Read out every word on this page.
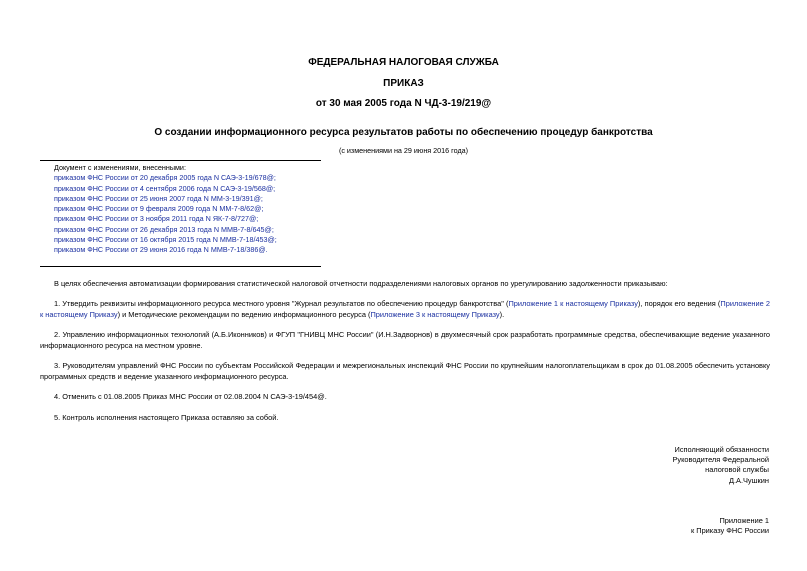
ФЕДЕРАЛЬНАЯ НАЛОГОВАЯ СЛУЖБА
ПРИКАЗ
от 30 мая 2005 года N ЧД-3-19/219@
О создании информационного ресурса результатов работы по обеспечению процедур банкротства
(с изменениями на 29 июня 2016 года)
Документ с изменениями, внесенными:
приказом ФНС России от 20 декабря 2005 года N САЭ-3-19/678@;
приказом ФНС России от 4 сентября 2006 года N САЭ-3-19/568@;
приказом ФНС России от 25 июня 2007 года N ММ-3-19/391@;
приказом ФНС России от 9 февраля 2009 года N ММ-7-8/62@;
приказом ФНС России от 3 ноября 2011 года N ЯК-7-8/727@;
приказом ФНС России от 26 декабря 2013 года N ММВ-7-8/645@;
приказом ФНС России от 16 октября 2015 года N ММВ-7-18/453@;
приказом ФНС России от 29 июня 2016 года N ММВ-7-18/386@.
В целях обеспечения автоматизации формирования статистической налоговой отчетности подразделениями налоговых органов по урегулированию задолженности приказываю:
1. Утвердить реквизиты информационного ресурса местного уровня "Журнал результатов по обеспечению процедур банкротства" (Приложение 1 к настоящему Приказу), порядок его ведения (Приложение 2 к настоящему Приказу) и Методические рекомендации по ведению информационного ресурса (Приложение 3 к настоящему Приказу).
2. Управлению информационных технологий (А.Б.Иконников) и ФГУП "ГНИВЦ МНС России" (И.Н.Задворнов) в двухмесячный срок разработать программные средства, обеспечивающие ведение указанного информационного ресурса на местном уровне.
3. Руководителям управлений ФНС России по субъектам Российской Федерации и межрегиональных инспекций ФНС России по крупнейшим налогоплательщикам в срок до 01.08.2005 обеспечить установку программных средств и ведение указанного информационного ресурса.
4. Отменить с 01.08.2005 Приказ МНС России от 02.08.2004 N САЭ-3-19/454@.
5. Контроль исполнения настоящего Приказа оставляю за собой.
Исполняющий обязанности
Руководителя Федеральной
налоговой службы
Д.А.Чушкин
Приложение 1
к Приказу ФНС России
